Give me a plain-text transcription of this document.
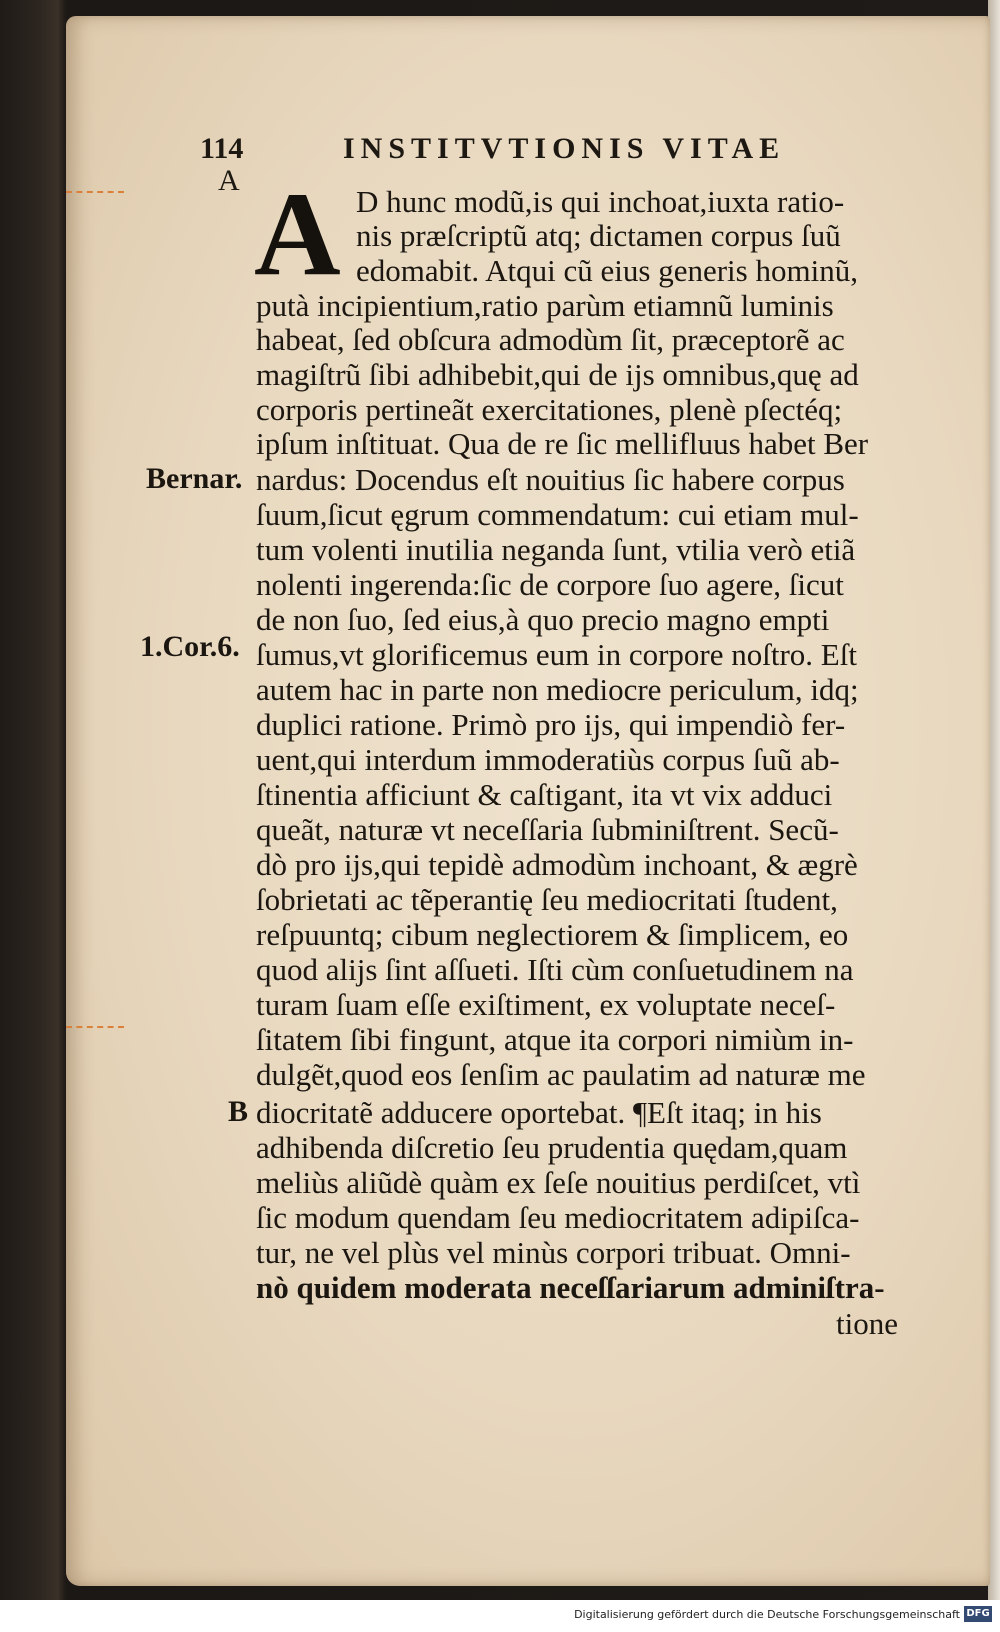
114	INSTITVTIONIS VITAE
A A
Bernar.
1.Cor.6.
B
D hunc modũ,is qui inchoat,iuxta ratio-
nis præſcriptũ atq; dictamen corpus ſuũ
edomabit. Atqui cũ eius generis hominũ,
putà incipientium,ratio parùm etiamnũ luminis
habeat, ſed obſcura admodùm ſit, præceptorẽ ac
magiſtrũ ſibi adhibebit,qui de ijs omnibus,quę ad
corporis pertineãt exercitationes, plenè pſectéq;
ipſum inſtituat. Qua de re ſic mellifluus habet Ber
nardus: Docendus eſt nouitius ſic habere corpus
ſuum,ſicut ęgrum commendatum: cui etiam mul-
tum volenti inutilia neganda ſunt, vtilia verò etiã
nolenti ingerenda:ſic de corpore ſuo agere, ſicut
de non ſuo, ſed eius,à quo precio magno empti
ſumus,vt glorificemus eum in corpore noſtro. Eſt
autem hac in parte non mediocre periculum, idq;
duplici ratione. Primò pro ijs, qui impendiò fer-
uent,qui interdum immoderatiùs corpus ſuũ ab-
ſtinentia afficiunt & caſtigant, ita vt vix adduci
queãt, naturæ vt neceſſaria ſubminiſtrent. Secũ-
dò pro ijs,qui tepidè admodùm inchoant, & ægrè
ſobrietati ac tẽperantię ſeu mediocritati ſtudent,
reſpuuntq; cibum neglectiorem & ſimplicem, eo
quod alijs ſint aſſueti. Iſti cùm conſuetudinem na
turam ſuam eſſe exiſtiment, ex voluptate neceſ-
ſitatem ſibi fingunt, atque ita corpori nimiùm in-
dulgẽt,quod eos ſenſim ac paulatim ad naturæ me
diocritatẽ adducere oportebat. ¶Eſt itaq; in his
adhibenda diſcretio ſeu prudentia quędam,quam
meliùs aliũdè quàm ex ſeſe nouitius perdiſcet, vtì
ſic modum quendam ſeu mediocritatem adipiſca-
tur, ne vel plùs vel minùs corpori tribuat. Omni-
nò quidem moderata neceſſariarum adminiſtra-
tione
Digitalisierung gefördert durch die Deutsche Forschungsgemeinschaft DFG
